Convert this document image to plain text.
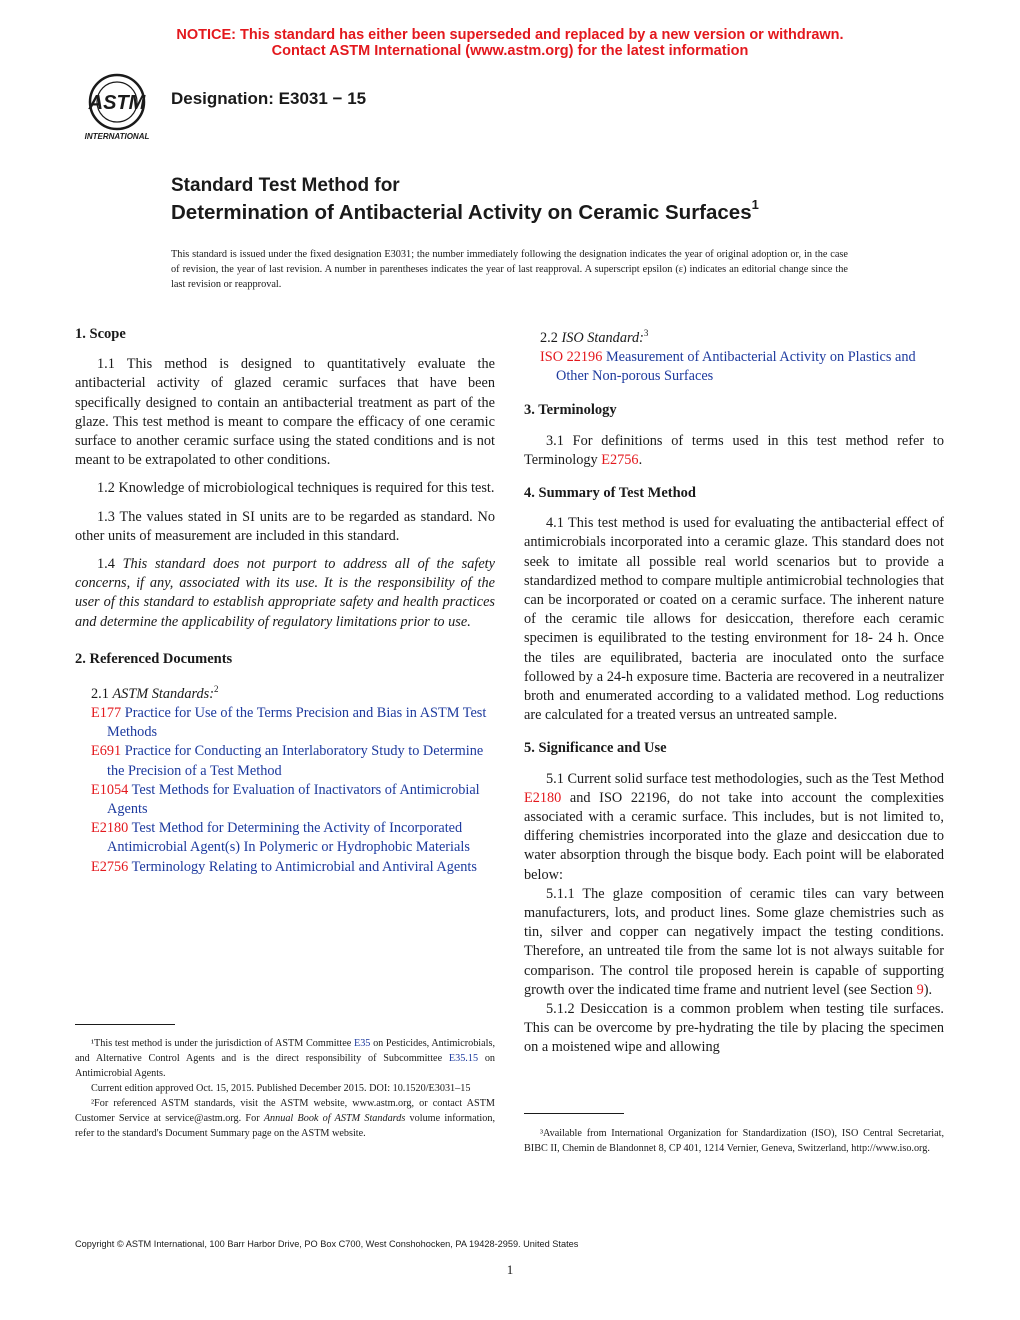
NOTICE: This standard has either been superseded and replaced by a new version or withdrawn.
Contact ASTM International (www.astm.org) for the latest information
ASTM
INTERNATIONAL
Designation: E3031 − 15
Standard Test Method for
Determination of Antibacterial Activity on Ceramic Surfaces$^1$
This standard is issued under the fixed designation E3031; the number immediately following the designation indicates the year of original adoption or, in the case of revision, the year of last revision. A number in parentheses indicates the year of last reapproval. A superscript epsilon (ε) indicates an editorial change since the last revision or reapproval.
1. Scope

1.1 This method is designed to quantitatively evaluate the antibacterial activity of glazed ceramic surfaces that have been specifically designed to contain an antibacterial treatment as part of the glaze. This test method is meant to compare the efficacy of one ceramic surface to another ceramic surface using the stated conditions and is not meant to be extrapolated to other conditions.

1.2 Knowledge of microbiological techniques is required for this test.

1.3 The values stated in SI units are to be regarded as standard. No other units of measurement are included in this standard.

1.4 This standard does not purport to address all of the safety concerns, if any, associated with its use. It is the responsibility of the user of this standard to establish appropriate safety and health practices and determine the applicability of regulatory limitations prior to use.

2. Referenced Documents
2.1 ASTM Standards:$^2$
E177 Practice for Use of the Terms Precision and Bias in ASTM Test Methods
E691 Practice for Conducting an Interlaboratory Study to Determine the Precision of a Test Method
E1054 Test Methods for Evaluation of Inactivators of Antimicrobial Agents
E2180 Test Method for Determining the Activity of Incorporated Antimicrobial Agent(s) In Polymeric or Hydrophobic Materials
E2756 Terminology Relating to Antimicrobial and Antiviral Agents
2.2 ISO Standard:$^3$
ISO 22196 Measurement of Antibacterial Activity on Plastics and Other Non-porous Surfaces
3. Terminology

3.1 For definitions of terms used in this test method refer to Terminology E2756.

4. Summary of Test Method

4.1 This test method is used for evaluating the antibacterial effect of antimicrobials incorporated into a ceramic glaze. This standard does not seek to imitate all possible real world scenarios but to provide a standardized method to compare multiple antimicrobial technologies that can be incorporated or coated on a ceramic surface. The inherent nature of the ceramic tile allows for desiccation, therefore each ceramic specimen is equilibrated to the testing environment for 18- 24 h. Once the tiles are equilibrated, bacteria are inoculated onto the surface followed by a 24-h exposure time. Bacteria are recovered in a neutralizer broth and enumerated according to a validated method. Log reductions are calculated for a treated versus an untreated sample.

5. Significance and Use

5.1 Current solid surface test methodologies, such as the Test Method E2180 and ISO 22196, do not take into account the complexities associated with a ceramic surface. This includes, but is not limited to, differing chemistries incorporated into the glaze and desiccation due to water absorption through the bisque body. Each point will be elaborated below:

5.1.1 The glaze composition of ceramic tiles can vary between manufacturers, lots, and product lines. Some glaze chemistries such as tin, silver and copper can negatively impact the testing conditions. Therefore, an untreated tile from the same lot is not always suitable for comparison. The control tile proposed herein is capable of supporting growth over the indicated time frame and nutrient level (see Section 9).

5.1.2 Desiccation is a common problem when testing tile surfaces. This can be overcome by pre-hydrating the tile by placing the specimen on a moistened wipe and allowing

¹This test method is under the jurisdiction of ASTM Committee E35 on Pesticides, Antimicrobials, and Alternative Control Agents and is the direct responsibility of Subcommittee E35.15 on Antimicrobial Agents.

Current edition approved Oct. 15, 2015. Published December 2015. DOI: 10.1520/E3031–15

²For referenced ASTM standards, visit the ASTM website, www.astm.org, or contact ASTM Customer Service at service@astm.org. For Annual Book of ASTM Standards volume information, refer to the standard's Document Summary page on the ASTM website.	³Available from International Organization for Standardization (ISO), ISO Central Secretariat, BIBC II, Chemin de Blandonnet 8, CP 401, 1214 Vernier, Geneva, Switzerland, http://www.iso.org.

Copyright © ASTM International, 100 Barr Harbor Drive, PO Box C700, West Conshohocken, PA 19428-2959. United States
1
